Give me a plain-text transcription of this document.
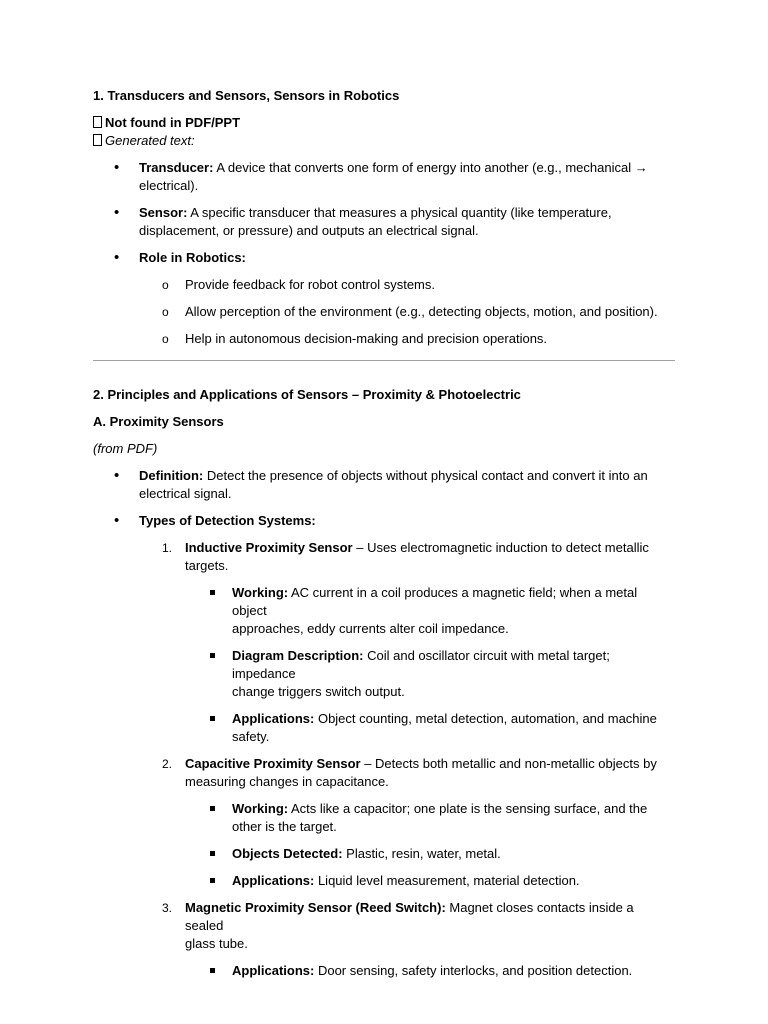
1. Transducers and Sensors, Sensors in Robotics

Not found in PDF/PPT

Generated text:

• Transducer: A device that converts one form of energy into another (e.g., mechanical →
electrical).
• Sensor: A specific transducer that measures a physical quantity (like temperature,
displacement, or pressure) and outputs an electrical signal.
• Role in Robotics:
o Provide feedback for robot control systems.
o Allow perception of the environment (e.g., detecting objects, motion, and position).
o Help in autonomous decision-making and precision operations.

2. Principles and Applications of Sensors – Proximity & Photoelectric

A. Proximity Sensors

(from PDF)

• Definition: Detect the presence of objects without physical contact and convert it into an
electrical signal.
• Types of Detection Systems:
1. Inductive Proximity Sensor – Uses electromagnetic induction to detect metallic
targets.
Working: AC current in a coil produces a magnetic field; when a metal object
approaches, eddy currents alter coil impedance.
Diagram Description: Coil and oscillator circuit with metal target; impedance
change triggers switch output.
Applications: Object counting, metal detection, automation, and machine
safety.
2. Capacitive Proximity Sensor – Detects both metallic and non-metallic objects by
measuring changes in capacitance.
Working: Acts like a capacitor; one plate is the sensing surface, and the
other is the target.
Objects Detected: Plastic, resin, water, metal.
Applications: Liquid level measurement, material detection.
3. Magnetic Proximity Sensor (Reed Switch): Magnet closes contacts inside a sealed
glass tube.
Applications: Door sensing, safety interlocks, and position detection.
